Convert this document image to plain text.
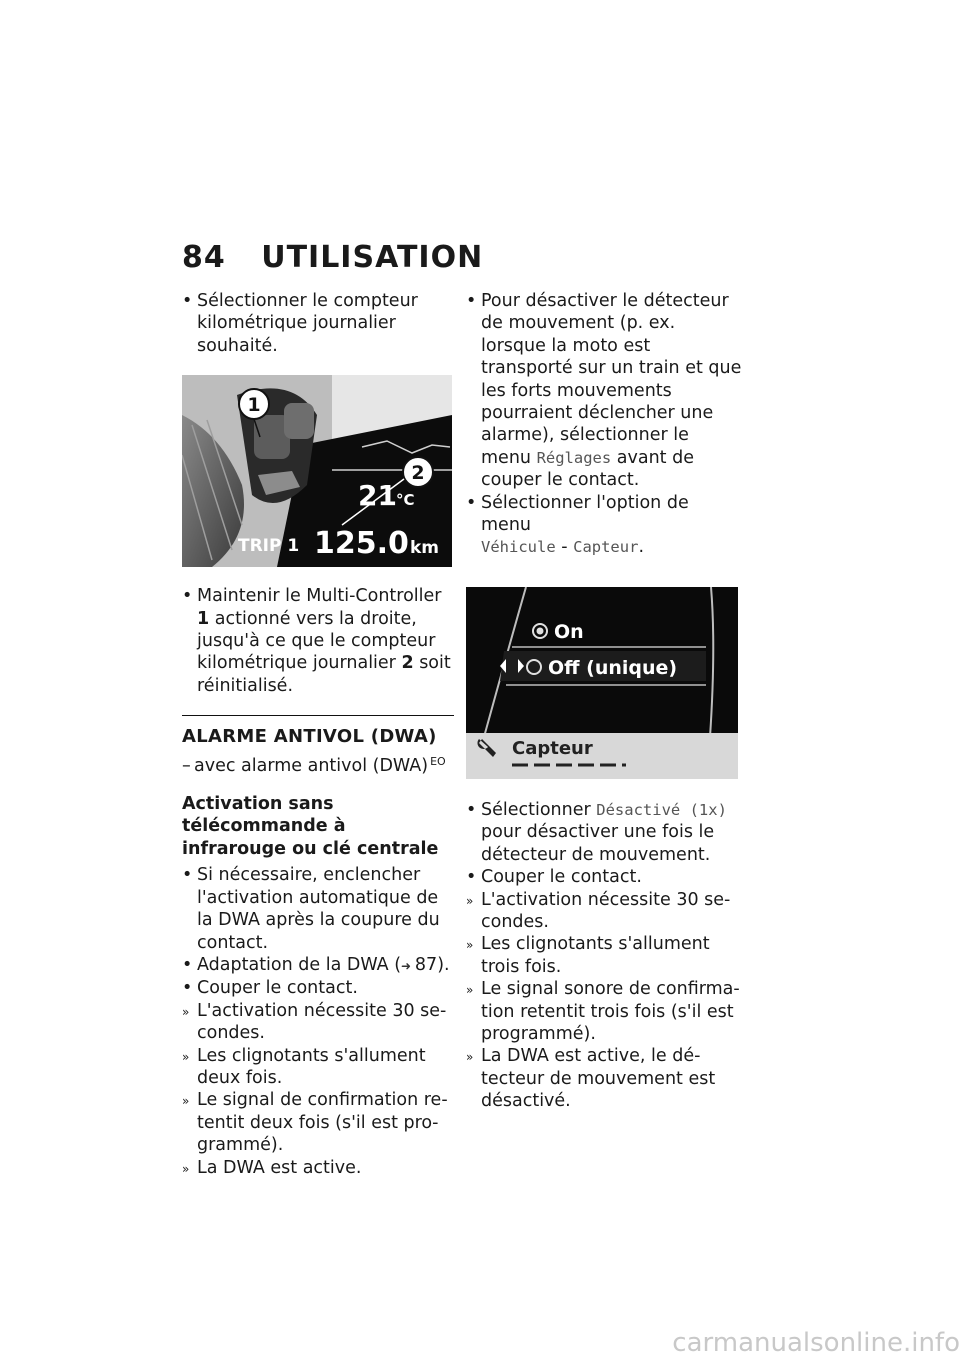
84 UTILISATION
• Sélectionner le compteur kilométrique journalier souhaité.
1
2
21 °C
TRIP 1 125.0 km
• Maintenir le Multi-Controller 1 actionné vers la droite, jusqu'à ce que le compteur kilométrique journalier 2 soit réinitialisé.

ALARME ANTIVOL (DWA)

– avec alarme antivol (DWA) $^{EO}$

Activation sans télécommande à infrarouge ou clé centrale

• Si nécessaire, enclencher l'activation automatique de la DWA après la coupure du contact.
• Adaptation de la DWA (➜ 87).
• Couper le contact.
» L'activation nécessite 30 secondes.
» Les clignotants s'allument deux fois.
» Le signal de confirmation retentit deux fois (s'il est programmé).
» La DWA est active.
• Pour désactiver le détecteur de mouvement (p. ex. lorsque la moto est transporté sur un train et que les forts mouvements pourraient déclencher une alarme), sélectionner le menu Réglages avant de couper le contact.
• Sélectionner l'option de menu
Véhicule - Capteur.
On
Off (unique)
Capteur
• Sélectionner Désactivé (1x) pour désactiver une fois le détecteur de mouvement.
• Couper le contact.
» L'activation nécessite 30 secondes.
» Les clignotants s'allument trois fois.
» Le signal sonore de confirmation retentit trois fois (s'il est programmé).
» La DWA est active, le détecteur de mouvement est désactivé.
carmanualsonline.info
